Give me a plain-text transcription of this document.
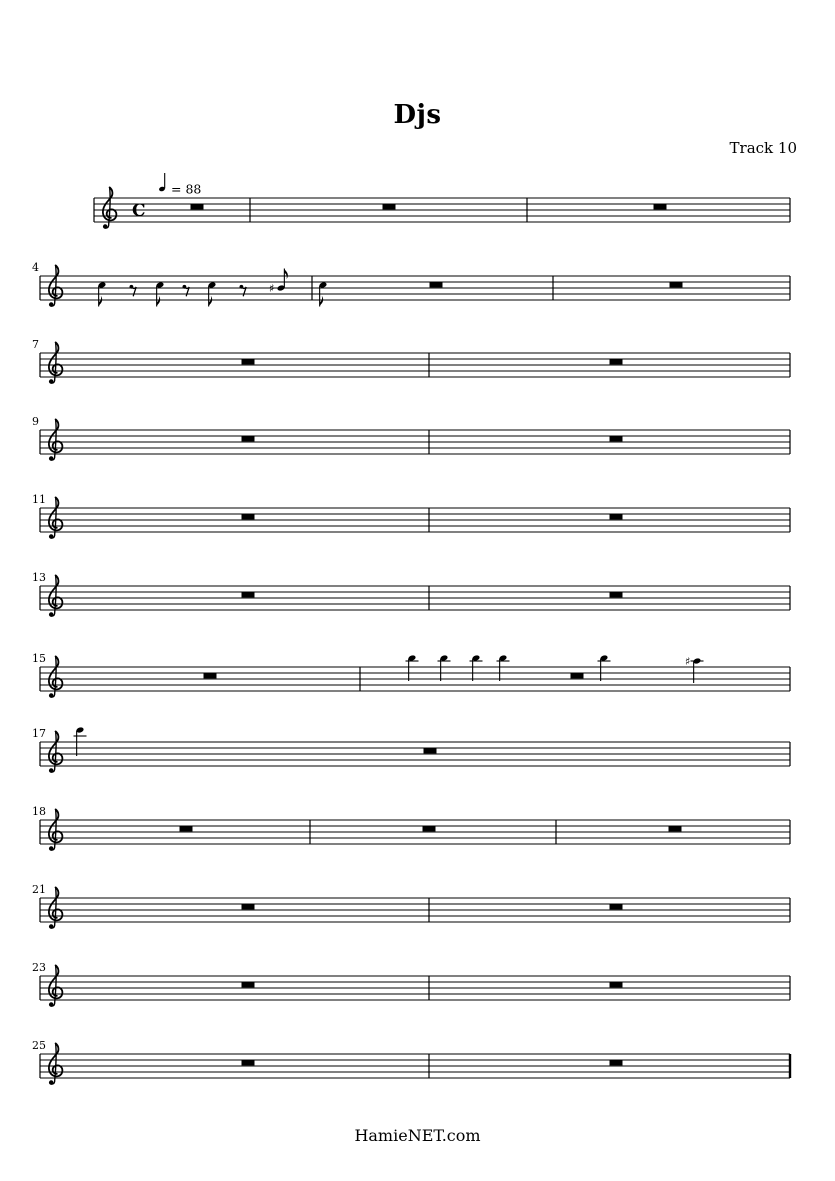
Djs
Track 10
C
= 88
4
♯
7
9
11
13
15	♯
17
18
21
23
25
HamieNET.com
